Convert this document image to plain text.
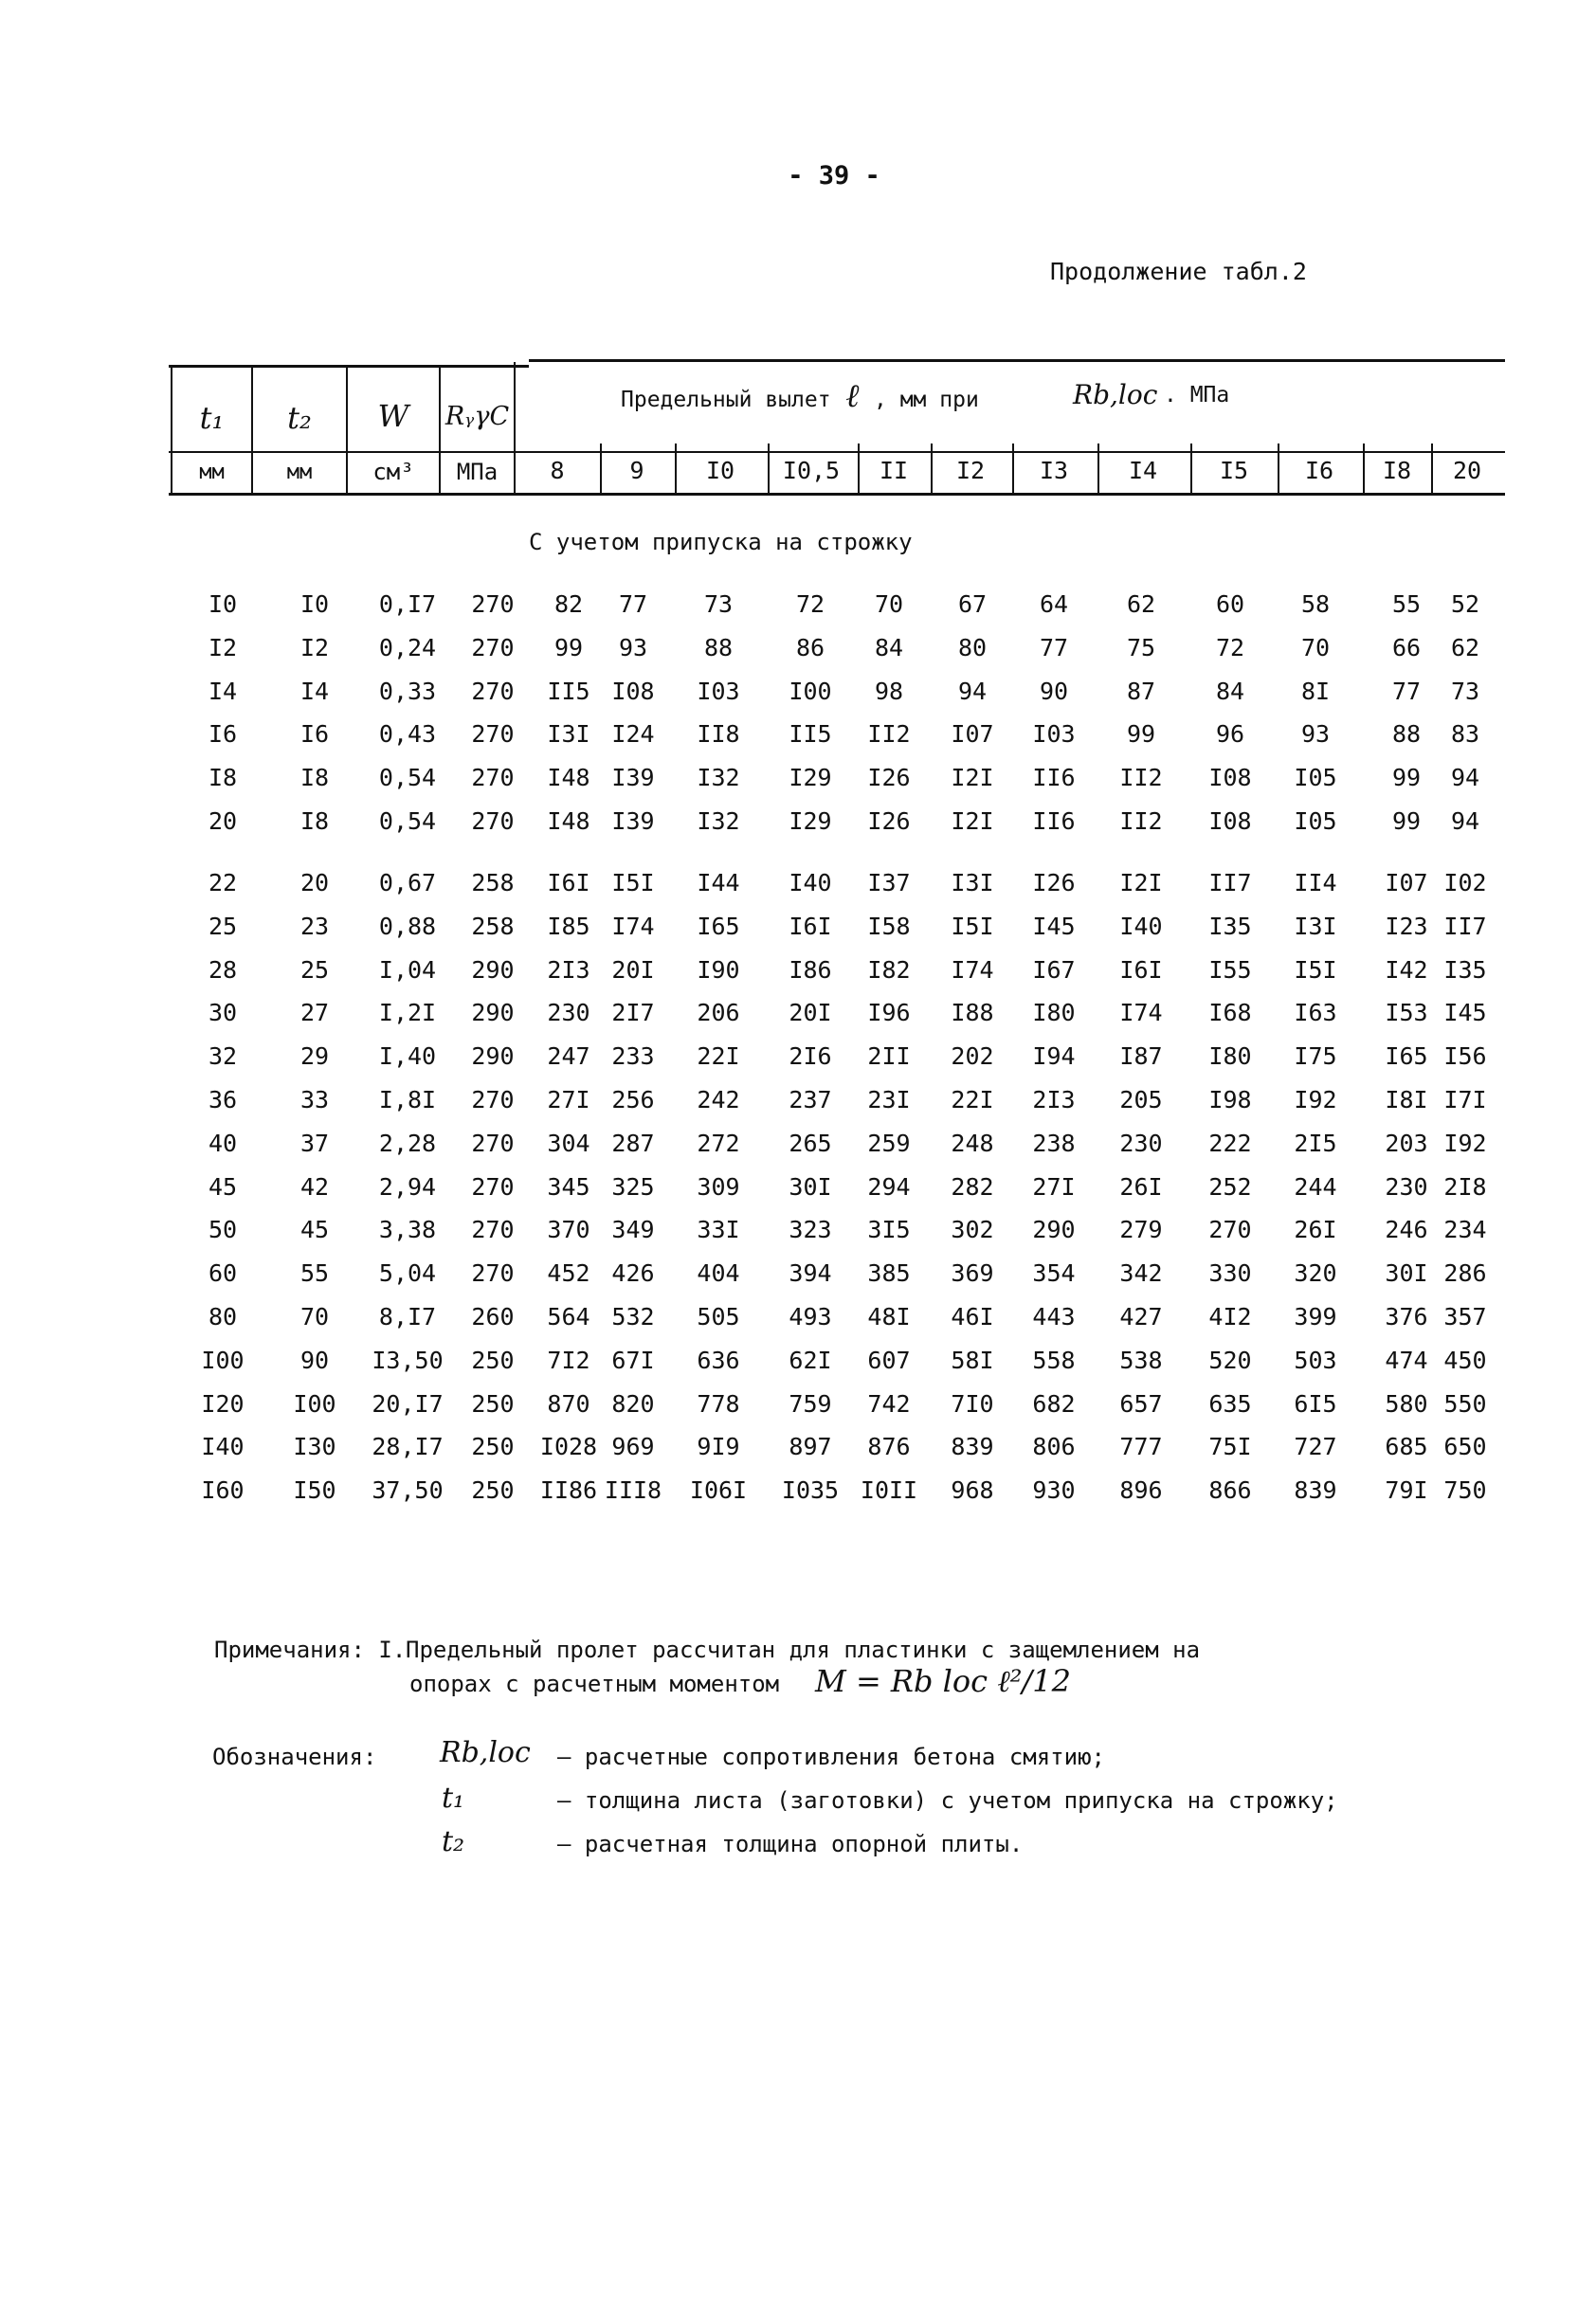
- 39 -
Продолжение табл.2
t₁	t₂	W	RᵧγC
мм	мм	см³	МПа
Предельный вылет ℓ , мм при	Rb,loc . МПа
8	9	I0	I0,5	II	I2	I3	I4	I5	I6	I8	20
С учетом припуска на строжку
I0	I0	0,I7	270	82	77	73	72	70	67	64	62	60	58	55	52
I2	I2	0,24	270	99	93	88	86	84	80	77	75	72	70	66	62
I4	I4	0,33	270	II5 I08	I03	I00	98	94	90	87	84	8I	77	73
I6	I6	0,43	270	I3I I24	II8	II5	II2	I07	I03	99	96	93	88	83
I8	I8	0,54	270	I48 I39	I32	I29	I26	I2I	II6	II2	I08	I05	99	94
20	I8	0,54	270	I48 I39	I32	I29	I26	I2I	II6	II2	I08	I05	99	94
22	20	0,67	258	I6I I5I	I44	I40	I37	I3I	I26	I2I	II7	II4	I07 I02
25	23	0,88	258	I85 I74	I65	I6I	I58	I5I	I45	I40	I35	I3I	I23 II7
28	25	I,04	290	2I3 20I	I90	I86	I82	I74	I67	I6I	I55	I5I	I42 I35
30	27	I,2I	290	230 2I7	206	20I	I96	I88	I80	I74	I68	I63	I53 I45
32	29	I,40	290	247 233	22I	2I6	2II	202	I94	I87	I80	I75	I65 I56
36	33	I,8I	270	27I 256	242	237	23I	22I	2I3	205	I98	I92	I8I I7I
40	37	2,28	270	304 287	272	265	259	248	238	230	222	2I5	203 I92
45	42	2,94	270	345 325	309	30I	294	282	27I	26I	252	244	230 2I8
50	45	3,38	270	370 349	33I	323	3I5	302	290	279	270	26I	246 234
60	55	5,04	270	452 426	404	394	385	369	354	342	330	320	30I 286
80	70	8,I7	260	564 532	505	493	48I	46I	443	427	4I2	399	376 357
I00	90	I3,50	250	7I2 67I	636	62I	607	58I	558	538	520	503	474 450
I20	I00	20,I7	250	870 820	778	759	742	7I0	682	657	635	6I5	580 550
I40	I30	28,I7	250	I028 969	9I9	897	876	839	806	777	75I	727	685 650
I60	I50	37,50	250	II86 III8	I06I	I035 I0II	968	930	896	866	839	79I 750
Примечания: I. Предельный пролет рассчитан для пластинки с защемлением на
опорах с расчетным моментом M = Rb loc ℓ²/12
Обозначения: Rb,loc – расчетные сопротивления бетона смятию;
t₁	– толщина листа (заготовки) с учетом припуска на строжку;
t₂	– расчетная толщина опорной плиты.
